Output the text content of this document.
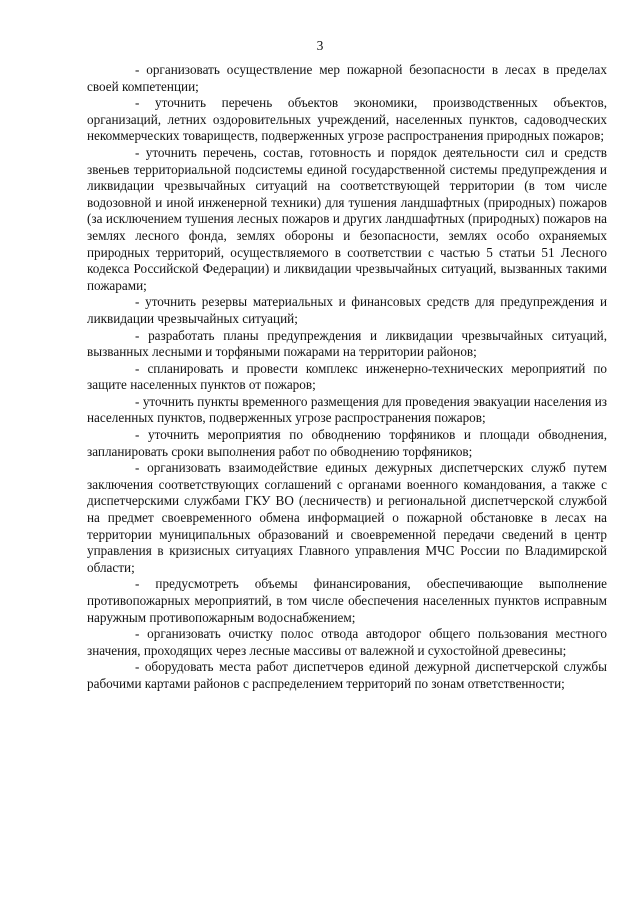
3

- организовать осуществление мер пожарной безопасности в лесах в пределах своей компетенции;

- уточнить перечень объектов экономики, производственных объектов, организаций, летних оздоровительных учреждений, населенных пунктов, садоводческих некоммерческих товариществ, подверженных угрозе распространения природных пожаров;

- уточнить перечень, состав, готовность и порядок деятельности сил и средств звеньев территориальной подсистемы единой государственной системы предупреждения и ликвидации чрезвычайных ситуаций на соответствующей территории (в том числе водозовной и иной инженерной техники) для тушения ландшафтных (природных) пожаров (за исключением тушения лесных пожаров и других ландшафтных (природных) пожаров на землях лесного фонда, землях обороны и безопасности, землях особо охраняемых природных территорий, осуществляемого в соответствии с частью 5 статьи 51 Лесного кодекса Российской Федерации) и ликвидации чрезвычайных ситуаций, вызванных такими пожарами;

- уточнить резервы материальных и финансовых средств для предупреждения и ликвидации чрезвычайных ситуаций;

- разработать планы предупреждения и ликвидации чрезвычайных ситуаций, вызванных лесными и торфяными пожарами на территории районов;

- спланировать и провести комплекс инженерно-технических мероприятий по защите населенных пунктов от пожаров;

- уточнить пункты временного размещения для проведения эвакуации населения из населенных пунктов, подверженных угрозе распространения пожаров;

- уточнить мероприятия по обводнению торфяников и площади обводнения, запланировать сроки выполнения работ по обводнению торфяников;

- организовать взаимодействие единых дежурных диспетчерских служб путем заключения соответствующих соглашений с органами военного командования, а также с диспетчерскими службами ГКУ ВО (лесничеств) и региональной диспетчерской службой на предмет своевременного обмена информацией о пожарной обстановке в лесах на территории муниципальных образований и своевременной передачи сведений в центр управления в кризисных ситуациях Главного управления МЧС России по Владимирской области;

- предусмотреть объемы финансирования, обеспечивающие выполнение противопожарных мероприятий, в том числе обеспечения населенных пунктов исправным наружным противопожарным водоснабжением;

- организовать очистку полос отвода автодорог общего пользования местного значения, проходящих через лесные массивы от валежной и сухостойной древесины;

- оборудовать места работ диспетчеров единой дежурной диспетчерской службы рабочими картами районов с распределением территорий по зонам ответственности;
